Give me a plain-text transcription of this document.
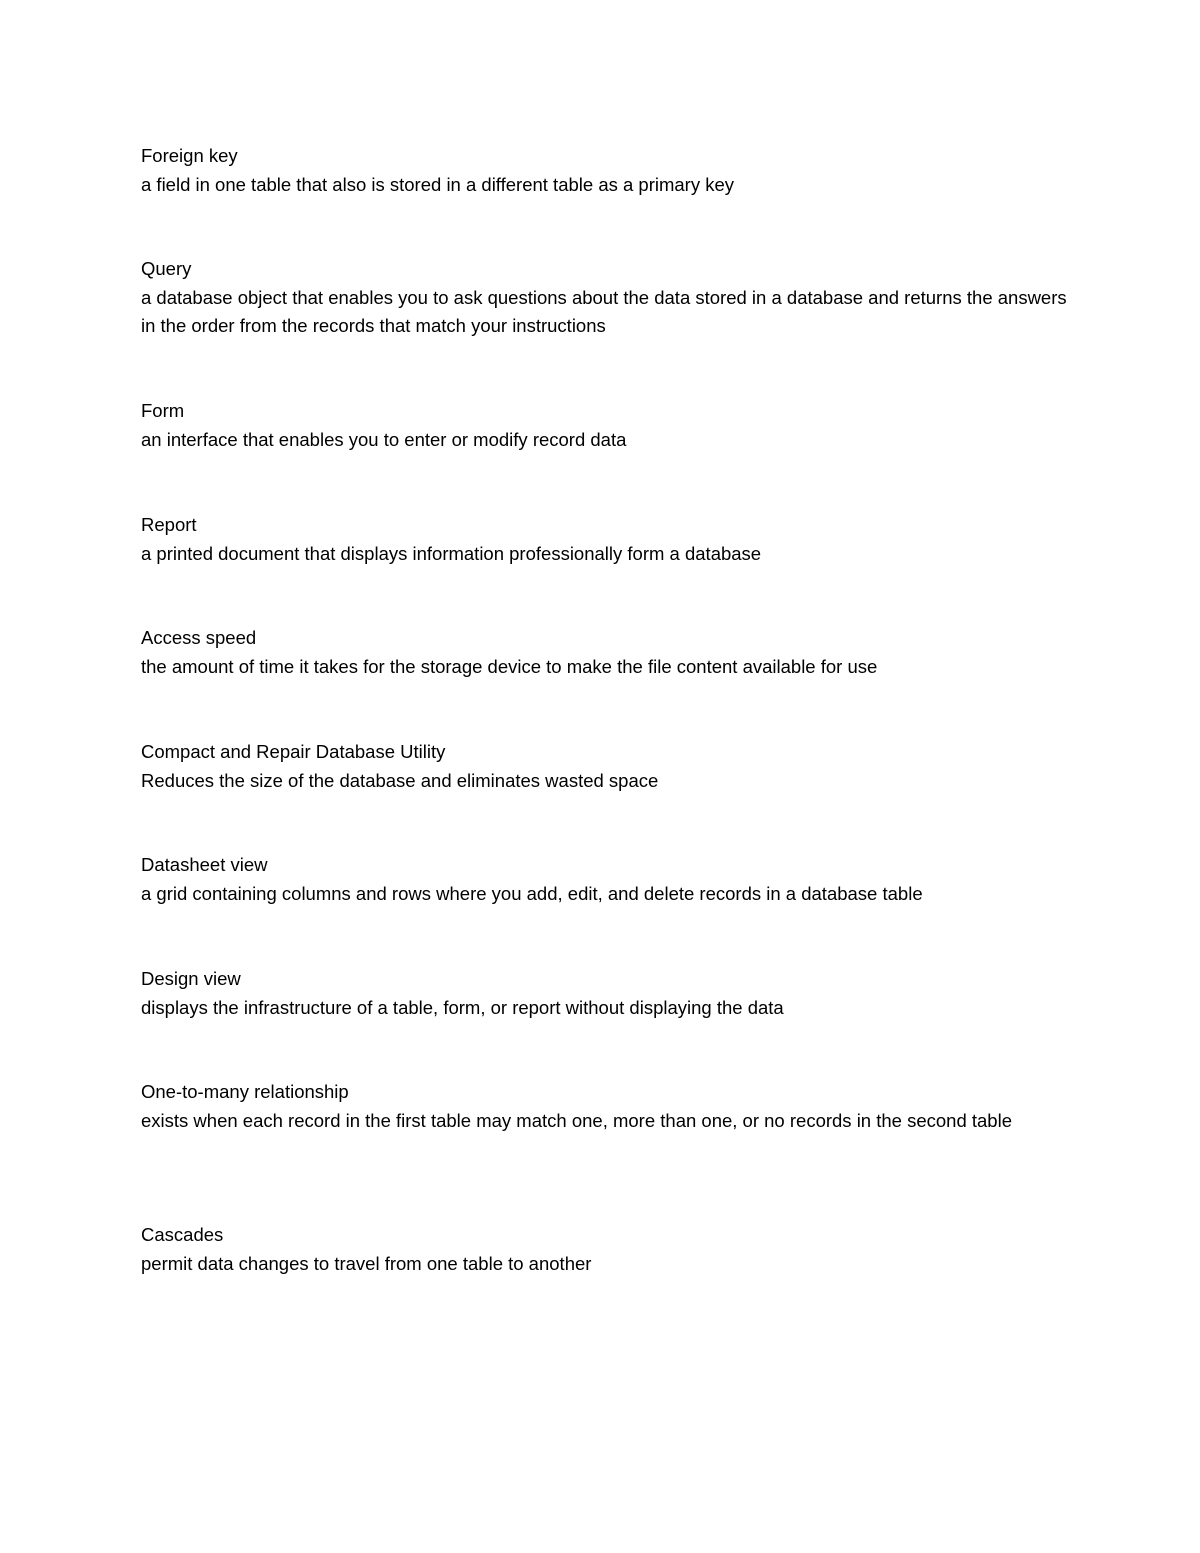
Foreign key
a field in one table that also is stored in a different table as a primary key
Query
a database object that enables you to ask questions about the data stored in a database and returns the answers in the order from the records that match your instructions
Form
an interface that enables you to enter or modify record data
Report
a printed document that displays information professionally form a database
Access speed
the amount of time it takes for the storage device to make the file content available for use
Compact and Repair Database Utility
Reduces the size of the database and eliminates wasted space
Datasheet view
a grid containing columns and rows where you add, edit, and delete records in a database table
Design view
displays the infrastructure of a table, form, or report without displaying the data
One-to-many relationship
exists when each record in the first table may match one, more than one, or no records in the second table
Cascades
permit data changes to travel from one table to another
